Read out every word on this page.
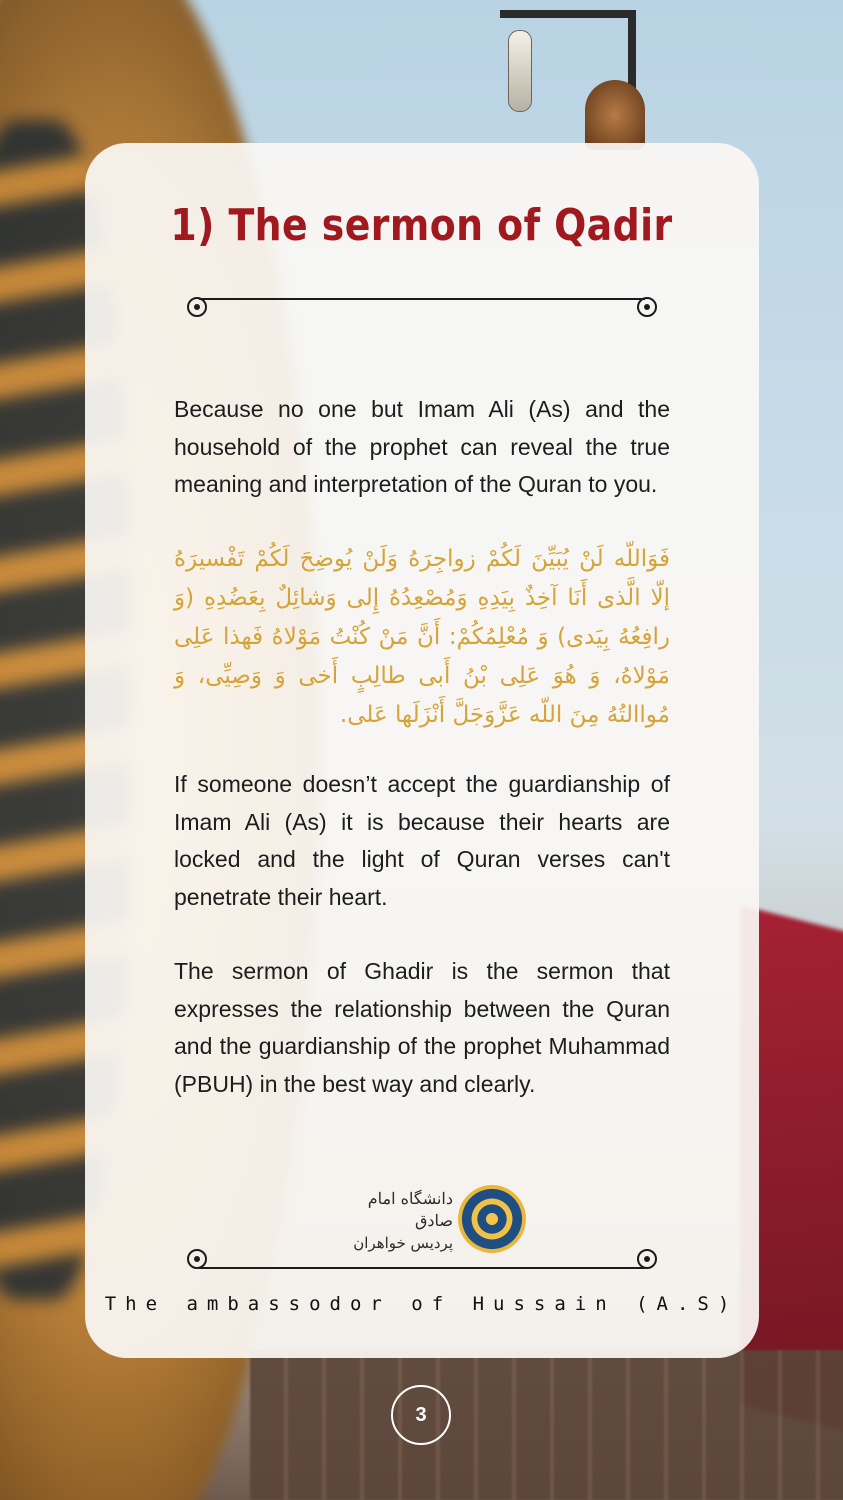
1) The sermon of Qadir
Because no one but Imam Ali (As) and the household of the prophet can reveal the true meaning and interpretation of the Quran to you.
فَوَاللّه لَنْ يُبَيِّنَ لَكُمْ زواجِرَهُ وَلَنْ يُوضِحَ لَكُمْ تَفْسيرَهُ إلّا الَّذى أَنَا آخِذٌ بِيَدِهِ وَمُصْعِدُهُ إِلى وَشائِلٌ بِعَضُدِهِ (وَ رافِعُهُ بِيَدى) وَ مُعْلِمُكُمْ: أَنَّ مَنْ كُنْتُ مَوْلاهُ فَهذا عَلِى مَوْلاهُ، وَ هُوَ عَلِى بْنُ أَبى طالِبٍ أَخى وَ وَصِيِّى، وَ مُواالتُهُ مِنَ اللّه عَزَّوَجَلَّ أَنْزَلَها عَلى.
If someone doesn’t accept the guardianship of Imam Ali (As) it is because their hearts are locked and the light of Quran verses can't penetrate their heart.
The sermon of Ghadir is the sermon that expresses the relationship between the Quran and the guardianship of the prophet Muhammad (PBUH) in the best way and clearly.
دانشگاه امام صادق
پردیس خواهران
The ambassodor of Hussain (A.S)
3
